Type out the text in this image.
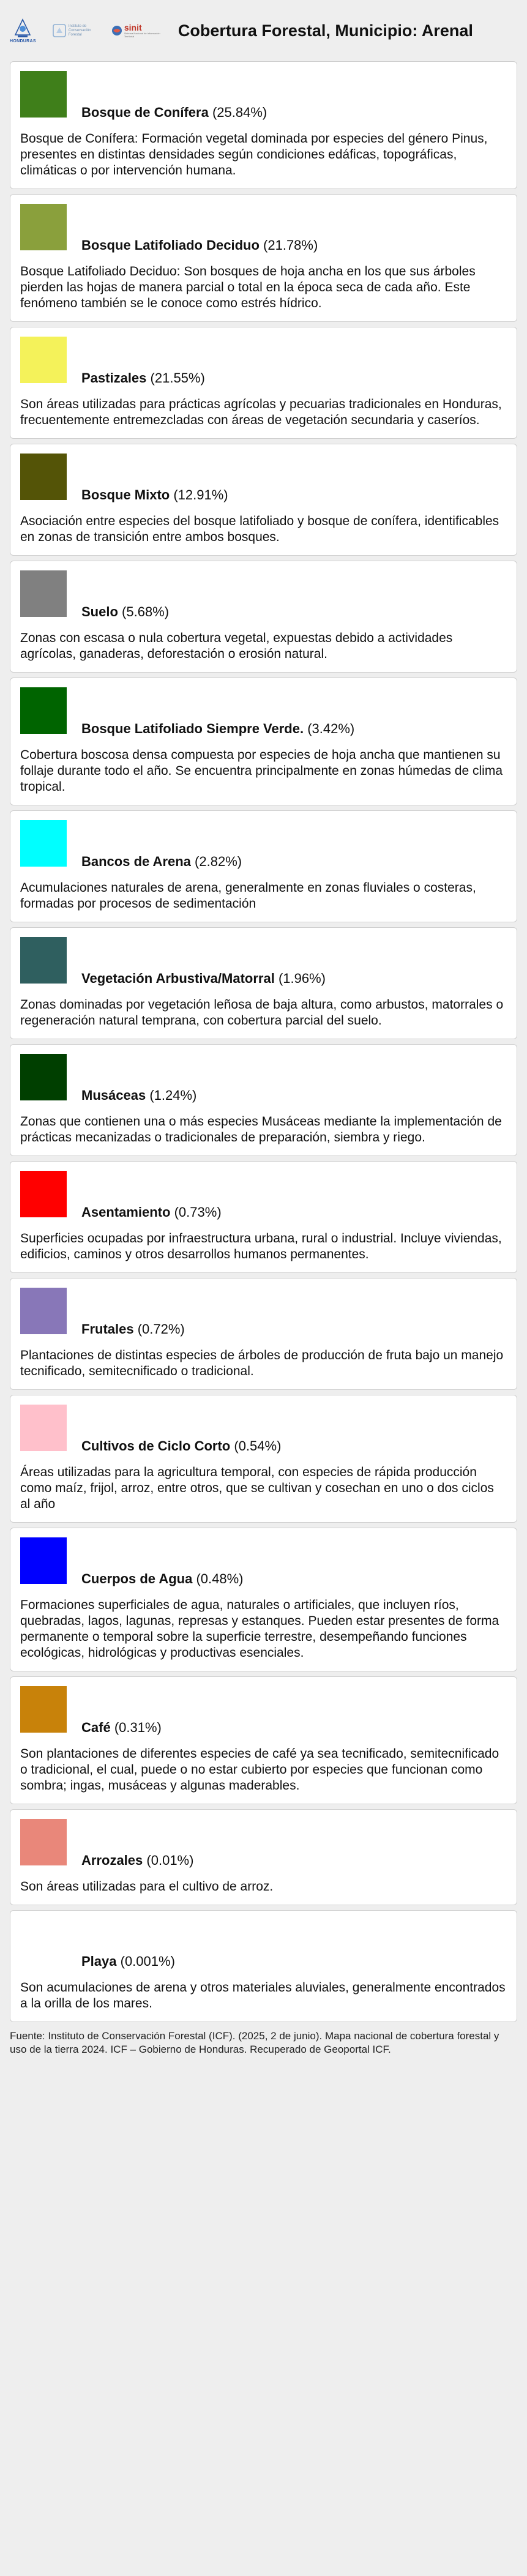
HONDURAS
Instituto de Conservación Forestal
sinit
Sistema Nacional de Información Territorial	Cobertura Forestal, Municipio: Arenal
Bosque de Conífera (25.84%)
Bosque de Conífera: Formación vegetal dominada por especies del género Pinus, presentes en distintas densidades según condiciones edáficas, topográficas, climáticas o por intervención humana.
Bosque Latifoliado Deciduo (21.78%)
Bosque Latifoliado Deciduo: Son bosques de hoja ancha en los que sus árboles pierden las hojas de manera parcial o total en la época seca de cada año. Este fenómeno también se le conoce como estrés hídrico.
Pastizales (21.55%)
Son áreas utilizadas para prácticas agrícolas y pecuarias tradicionales en Honduras, frecuentemente entremezcladas con áreas de vegetación secundaria y caseríos.
Bosque Mixto (12.91%)
Asociación entre especies del bosque latifoliado y bosque de conífera, identificables en zonas de transición entre ambos bosques.
Suelo (5.68%)
Zonas con escasa o nula cobertura vegetal, expuestas debido a actividades agrícolas, ganaderas, deforestación o erosión natural.
Bosque Latifoliado Siempre Verde. (3.42%)
Cobertura boscosa densa compuesta por especies de hoja ancha que mantienen su follaje durante todo el año. Se encuentra principalmente en zonas húmedas de clima tropical.
Bancos de Arena (2.82%)
Acumulaciones naturales de arena, generalmente en zonas fluviales o costeras, formadas por procesos de sedimentación
Vegetación Arbustiva/Matorral (1.96%)
Zonas dominadas por vegetación leñosa de baja altura, como arbustos, matorrales o regeneración natural temprana, con cobertura parcial del suelo.
Musáceas (1.24%)
Zonas que contienen una o más especies Musáceas mediante la implementación de prácticas mecanizadas o tradicionales de preparación, siembra y riego.
Asentamiento (0.73%)
Superficies ocupadas por infraestructura urbana, rural o industrial. Incluye viviendas, edificios, caminos y otros desarrollos humanos permanentes.
Frutales (0.72%)
Plantaciones de distintas especies de árboles de producción de fruta bajo un manejo tecnificado, semitecnificado o tradicional.
Cultivos de Ciclo Corto (0.54%)
Áreas utilizadas para la agricultura temporal, con especies de rápida producción como maíz, frijol, arroz, entre otros, que se cultivan y cosechan en uno o dos ciclos al año
Cuerpos de Agua (0.48%)
Formaciones superficiales de agua, naturales o artificiales, que incluyen ríos, quebradas, lagos, lagunas, represas y estanques. Pueden estar presentes de forma permanente o temporal sobre la superficie terrestre, desempeñando funciones ecológicas, hidrológicas y productivas esenciales.
Café (0.31%)
Son plantaciones de diferentes especies de café ya sea tecnificado, semitecnificado o tradicional, el cual, puede o no estar cubierto por especies que funcionan como sombra; ingas, musáceas y algunas maderables.
Arrozales (0.01%)
Son áreas utilizadas para el cultivo de arroz.
Playa (0.001%)
Son acumulaciones de arena y otros materiales aluviales, generalmente encontrados a la orilla de los mares.
Fuente: Instituto de Conservación Forestal (ICF). (2025, 2 de junio). Mapa nacional de cobertura forestal y uso de la tierra 2024. ICF – Gobierno de Honduras. Recuperado de Geoportal ICF.
